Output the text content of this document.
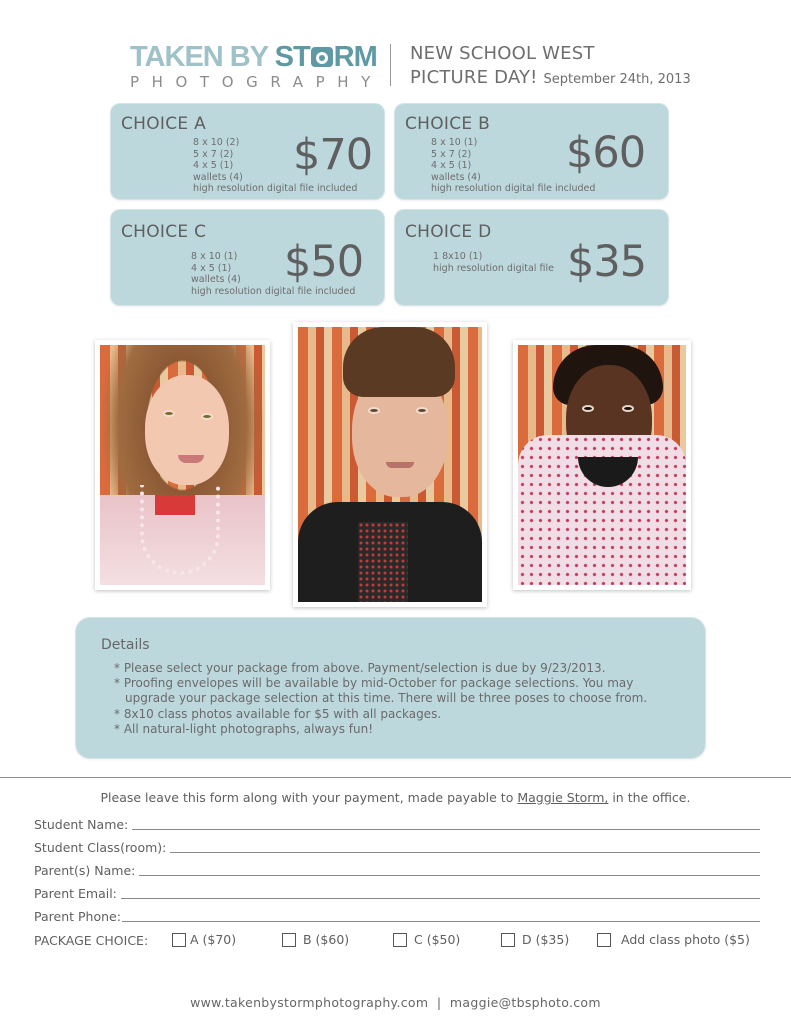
TAKEN BY ST RM
PHOTOGRAPHY
NEW SCHOOL WEST
PICTURE DAY! September 24th, 2013
CHOICE A
8 x 10 (2)
5 x 7 (2)
4 x 5 (1)
wallets (4)
high resolution digital file included
$70
CHOICE B
8 x 10 (1)
5 x 7 (2)
4 x 5 (1)
wallets (4)
high resolution digital file included
$60
CHOICE C
8 x 10 (1)
4 x 5 (1)
wallets (4)
high resolution digital file included
$50
CHOICE D
1 8x10 (1)
high resolution digital file $35
Details
* Please select your package from above. Payment/selection is due by 9/23/2013.
* Proofing envelopes will be available by mid-October for package selections. You may
upgrade your package selection at this time. There will be three poses to choose from.
* 8x10 class photos available for $5 with all packages.
* All natural-light photographs, always fun!
Please leave this form along with your payment, made payable to Maggie Storm, in the office.
Student Name:
Student Class(room):
Parent(s) Name:
Parent Email:
Parent Phone:
PACKAGE CHOICE:	A ($70)	B ($60)	C ($50)	D ($35)	Add class photo ($5)
www.takenbystormphotography.com  |  maggie@tbsphoto.com
